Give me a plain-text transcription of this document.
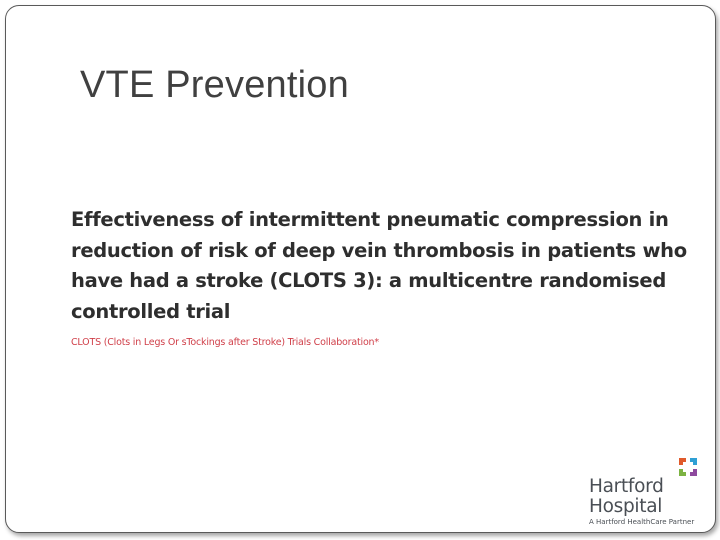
VTE Prevention
Effectiveness of intermittent pneumatic compression in
reduction of risk of deep vein thrombosis in patients who
have had a stroke (CLOTS 3): a multicentre randomised
controlled trial
CLOTS (Clots in Legs Or sTockings after Stroke) Trials Collaboration*
Hartford
Hospital
A Hartford HealthCare Partner
